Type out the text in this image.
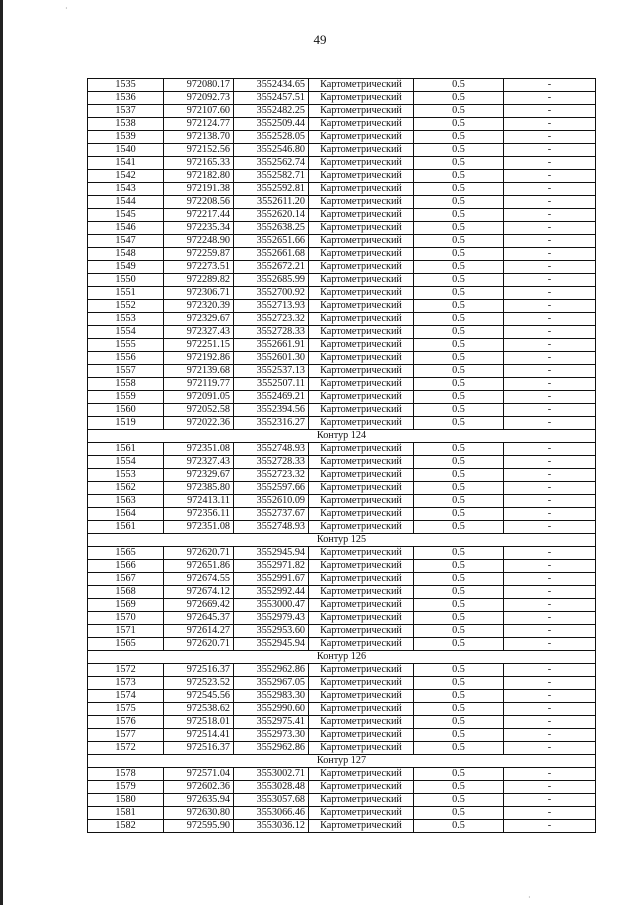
·
·
49
1535	972080.17	3552434.65	Картометрический	0.5	-
1536	972092.73	3552457.51	Картометрический	0.5	-
1537	972107.60	3552482.25	Картометрический	0.5	-
1538	972124.77	3552509.44	Картометрический	0.5	-
1539	972138.70	3552528.05	Картометрический	0.5	-
1540	972152.56	3552546.80	Картометрический	0.5	-
1541	972165.33	3552562.74	Картометрический	0.5	-
1542	972182.80	3552582.71	Картометрический	0.5	-
1543	972191.38	3552592.81	Картометрический	0.5	-
1544	972208.56	3552611.20	Картометрический	0.5	-
1545	972217.44	3552620.14	Картометрический	0.5	-
1546	972235.34	3552638.25	Картометрический	0.5	-
1547	972248.90	3552651.66	Картометрический	0.5	-
1548	972259.87	3552661.68	Картометрический	0.5	-
1549	972273.51	3552672.21	Картометрический	0.5	-
1550	972289.82	3552685.99	Картометрический	0.5	-
1551	972306.71	3552700.92	Картометрический	0.5	-
1552	972320.39	3552713.93	Картометрический	0.5	-
1553	972329.67	3552723.32	Картометрический	0.5	-
1554	972327.43	3552728.33	Картометрический	0.5	-
1555	972251.15	3552661.91	Картометрический	0.5	-
1556	972192.86	3552601.30	Картометрический	0.5	-
1557	972139.68	3552537.13	Картометрический	0.5	-
1558	972119.77	3552507.11	Картометрический	0.5	-
1559	972091.05	3552469.21	Картометрический	0.5	-
1560	972052.58	3552394.56	Картометрический	0.5	-
1519	972022.36	3552316.27	Картометрический	0.5	-
Контур 124					
1561	972351.08	3552748.93	Картометрический	0.5	-
1554	972327.43	3552728.33	Картометрический	0.5	-
1553	972329.67	3552723.32	Картометрический	0.5	-
1562	972385.80	3552597.66	Картометрический	0.5	-
1563	972413.11	3552610.09	Картометрический	0.5	-
1564	972356.11	3552737.67	Картометрический	0.5	-
1561	972351.08	3552748.93	Картометрический	0.5	-
Контур 125					
1565	972620.71	3552945.94	Картометрический	0.5	-
1566	972651.86	3552971.82	Картометрический	0.5	-
1567	972674.55	3552991.67	Картометрический	0.5	-
1568	972674.12	3552992.44	Картометрический	0.5	-
1569	972669.42	3553000.47	Картометрический	0.5	-
1570	972645.37	3552979.43	Картометрический	0.5	-
1571	972614.27	3552953.60	Картометрический	0.5	-
1565	972620.71	3552945.94	Картометрический	0.5	-
Контур 126					
1572	972516.37	3552962.86	Картометрический	0.5	-
1573	972523.52	3552967.05	Картометрический	0.5	-
1574	972545.56	3552983.30	Картометрический	0.5	-
1575	972538.62	3552990.60	Картометрический	0.5	-
1576	972518.01	3552975.41	Картометрический	0.5	-
1577	972514.41	3552973.30	Картометрический	0.5	-
1572	972516.37	3552962.86	Картометрический	0.5	-
Контур 127					
1578	972571.04	3553002.71	Картометрический	0.5	-
1579	972602.36	3553028.48	Картометрический	0.5	-
1580	972635.94	3553057.68	Картометрический	0.5	-
1581	972630.80	3553066.46	Картометрический	0.5	-
1582	972595.90	3553036.12	Картометрический	0.5	-
